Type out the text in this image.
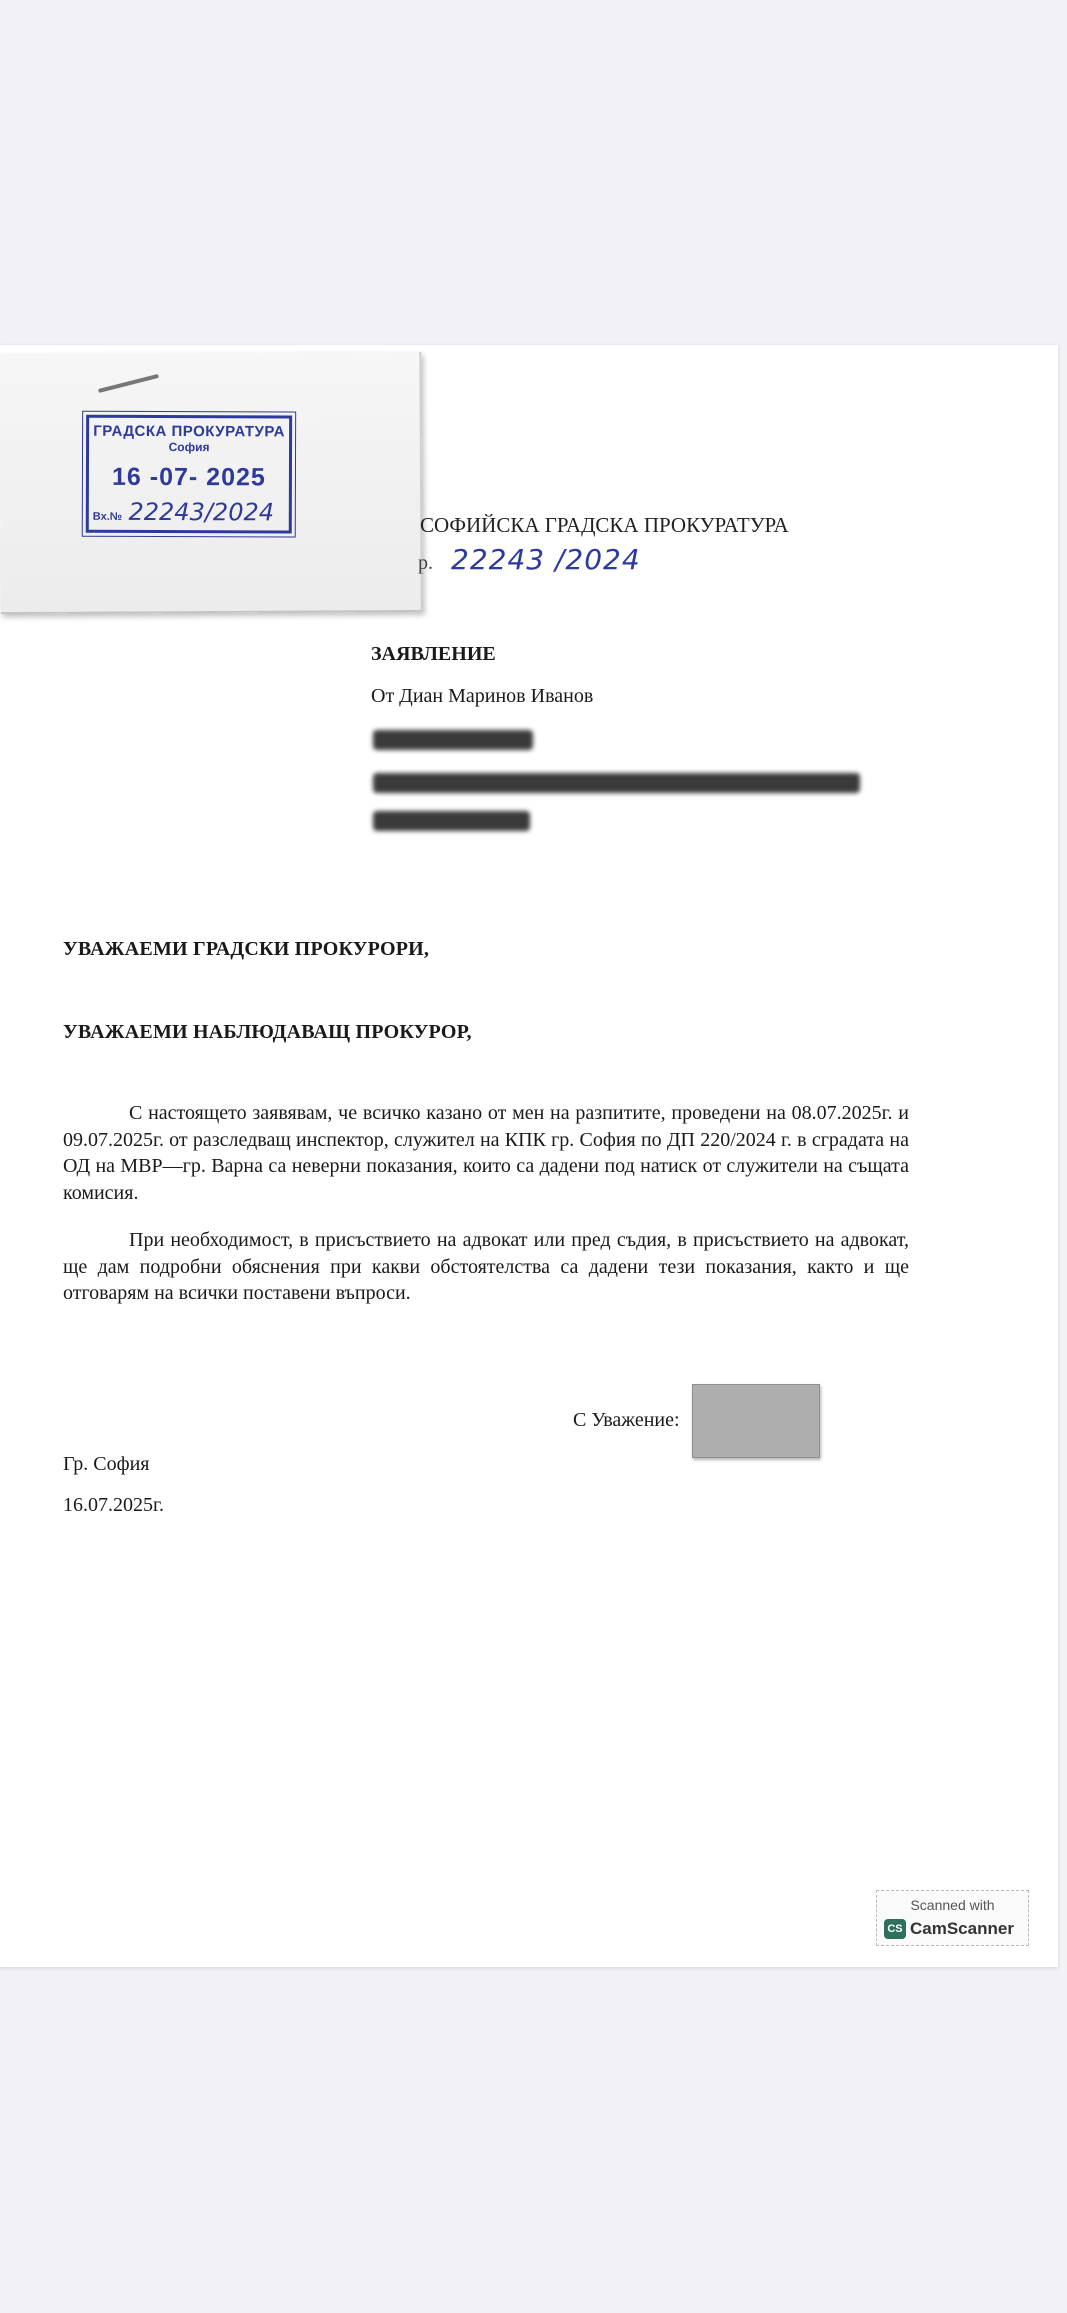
ГРАДСКА ПРОКУРАТУРА
София
16 -07- 2025
Вх.№ 22243/2024	СОФИЙСКА ГРАДСКА ПРОКУРАТУРА
р. 22243 /2024
ЗАЯВЛЕНИЕ
От Диан Маринов Иванов
УВАЖАЕМИ ГРАДСКИ ПРОКУРОРИ,
УВАЖАЕМИ НАБЛЮДАВАЩ ПРОКУРОР,

С настоящето заявявам, че всичко казано от мен на разпитите, проведени на 08.07.2025г. и 09.07.2025г. от разследващ инспектор, служител на КПК гр. София по ДП 220/2024 г. в сградата на ОД на МВР—гр. Варна са неверни показания, които са дадени под натиск от служители на същата комисия.

При необходимост, в присъствието на адвокат или пред съдия, в присъствието на адвокат, ще дам подробни обяснения при какви обстоятелства са дадени тези показания, както и ще отговарям на всички поставени въпроси.

С Уважение:
Гр. София
16.07.2025г.
Scanned with
CS CamScanner
